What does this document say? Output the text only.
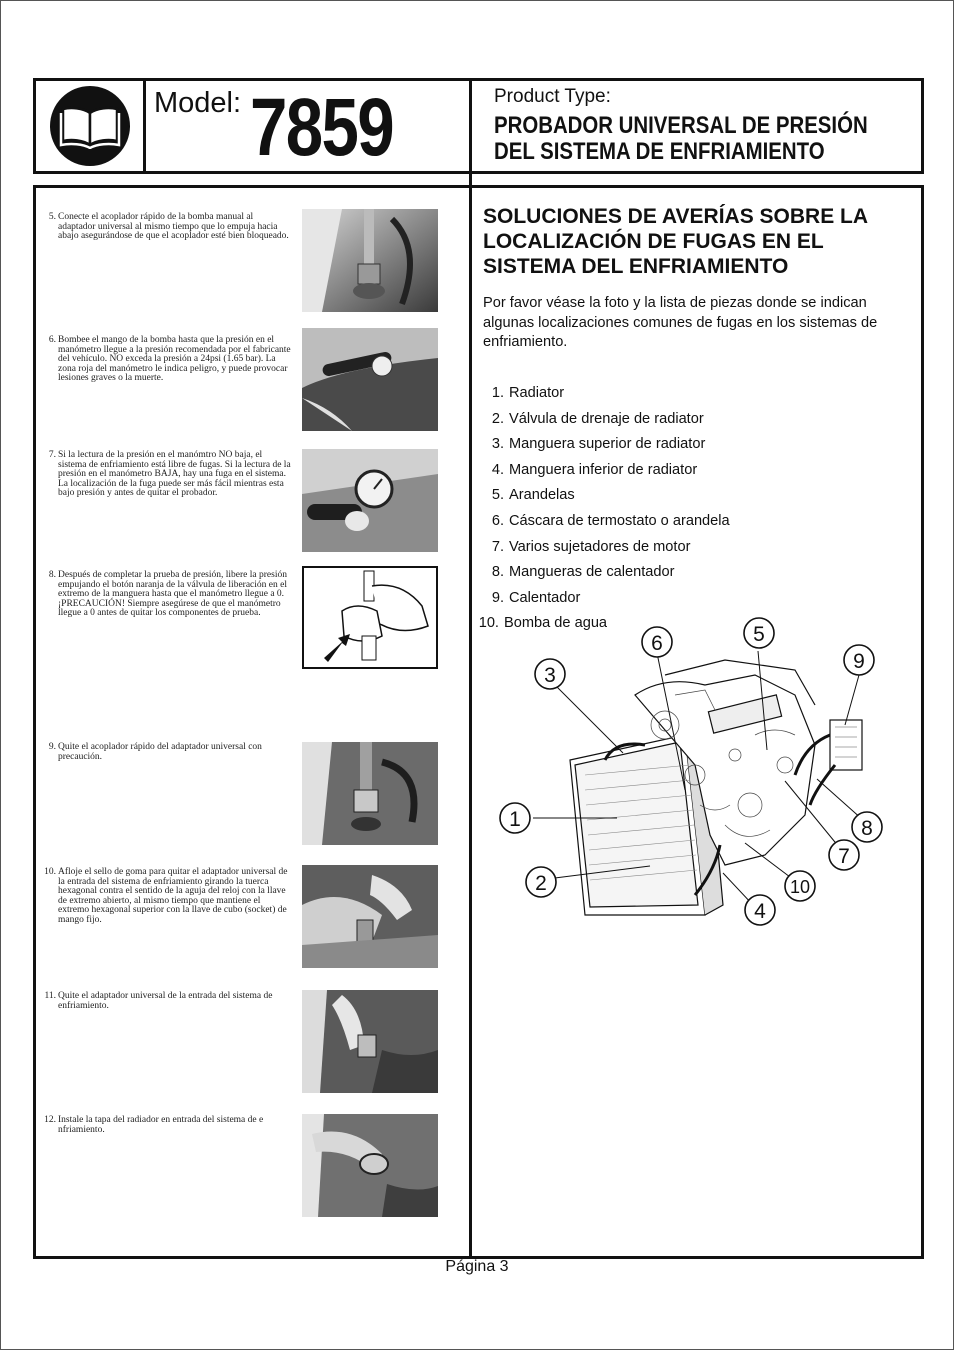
Model: 7859	Product Type:
PROBADOR UNIVERSAL DE PRESIÓN DEL SISTEMA DE ENFRIAMIENTO
5. Conecte el acoplador rápido de la bomba manual al adaptador universal al mismo tiempo que lo empuja hacia abajo asegurándose de que el acoplador esté bien bloqueado.
6. Bombee el mango de la bomba hasta que la presión en el manómetro llegue a la presión recomendada por el fabricante del vehículo. NO exceda la presión a 24psi (1.65 bar). La zona roja del manómetro le indica peligro, y puede provocar lesiones graves o la muerte.
7. Si la lectura de la presión en el manómtro NO baja, el sistema de enfriamiento está libre de fugas. Si la lectura de la presión en el manómetro BAJA, hay una fuga en el sistema. La localización de la fuga puede ser más fácil mientras esta bajo presión y antes de quitar el probador.
8. Después de completar la prueba de presión, libere la presión empujando el botón naranja de la válvula de liberación en el extremo de la manguera hasta que el manómetro llegue a 0. ¡PRECAUCIÓN! Siempre asegúrese de que el manómetro llegue a 0 antes de quitar los componentes de prueba.
9. Quite el acoplador rápido del adaptador universal con precaución.
10. Afloje el sello de goma para quitar el adaptador universal de la entrada del sistema de enfriamiento girando la tuerca hexagonal contra el sentido de la aguja del reloj con la llave de extremo abierto, al mismo tiempo que mantiene el extremo hexagonal superior con la llave de cubo (socket) de mango fijo.
11. Quite el adaptador universal de la entrada del sistema de enfriamiento.
12. Instale la tapa del radiador en entrada del sistema de e nfriamiento.
SOLUCIONES DE AVERÍAS SOBRE LA LOCALIZACIÓN DE FUGAS EN EL SISTEMA DEL ENFRIAMIENTO
Por favor véase la foto y la lista de piezas donde se indican algunas localizaciones comunes de fugas en los sistemas de enfriamiento.
1. Radiator
2. Válvula de drenaje de radiator
3. Manguera superior de radiator
4. Manguera inferior de radiator
5. Arandelas
6. Cáscara de termostato o arandela
7. Varios sujetadores de motor
8. Mangueras de calentador
9. Calentador
10. Bomba de agua
1
2
3
4
5
6
7
8
9
10
Página 3
